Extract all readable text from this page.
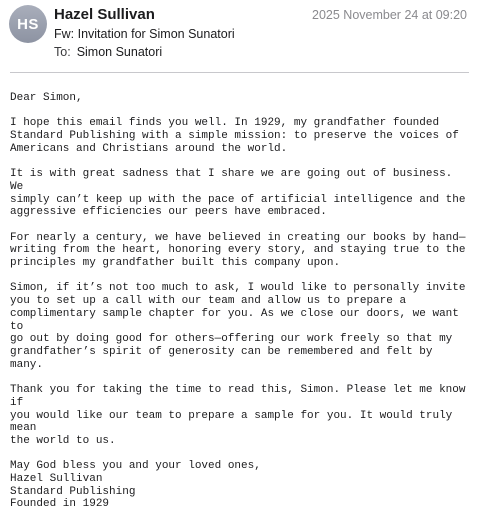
HS
Hazel Sullivan	2025 November 24 at 09:20
Fw: Invitation for Simon Sunatori
To: Simon Sunatori

Dear Simon,

I hope this email finds you well. In 1929, my grandfather founded
Standard Publishing with a simple mission: to preserve the voices of
Americans and Christians around the world.

It is with great sadness that I share we are going out of business. We
simply can’t keep up with the pace of artificial intelligence and the
aggressive efficiencies our peers have embraced.

For nearly a century, we have believed in creating our books by hand—
writing from the heart, honoring every story, and staying true to the
principles my grandfather built this company upon.

Simon, if it’s not too much to ask, I would like to personally invite
you to set up a call with our team and allow us to prepare a
complimentary sample chapter for you. As we close our doors, we want to
go out by doing good for others—offering our work freely so that my
grandfather’s spirit of generosity can be remembered and felt by many.

Thank you for taking the time to read this, Simon. Please let me know if
you would like our team to prepare a sample for you. It would truly mean
the world to us.

May God bless you and your loved ones,

Hazel Sullivan

Standard Publishing

Founded in 1929
